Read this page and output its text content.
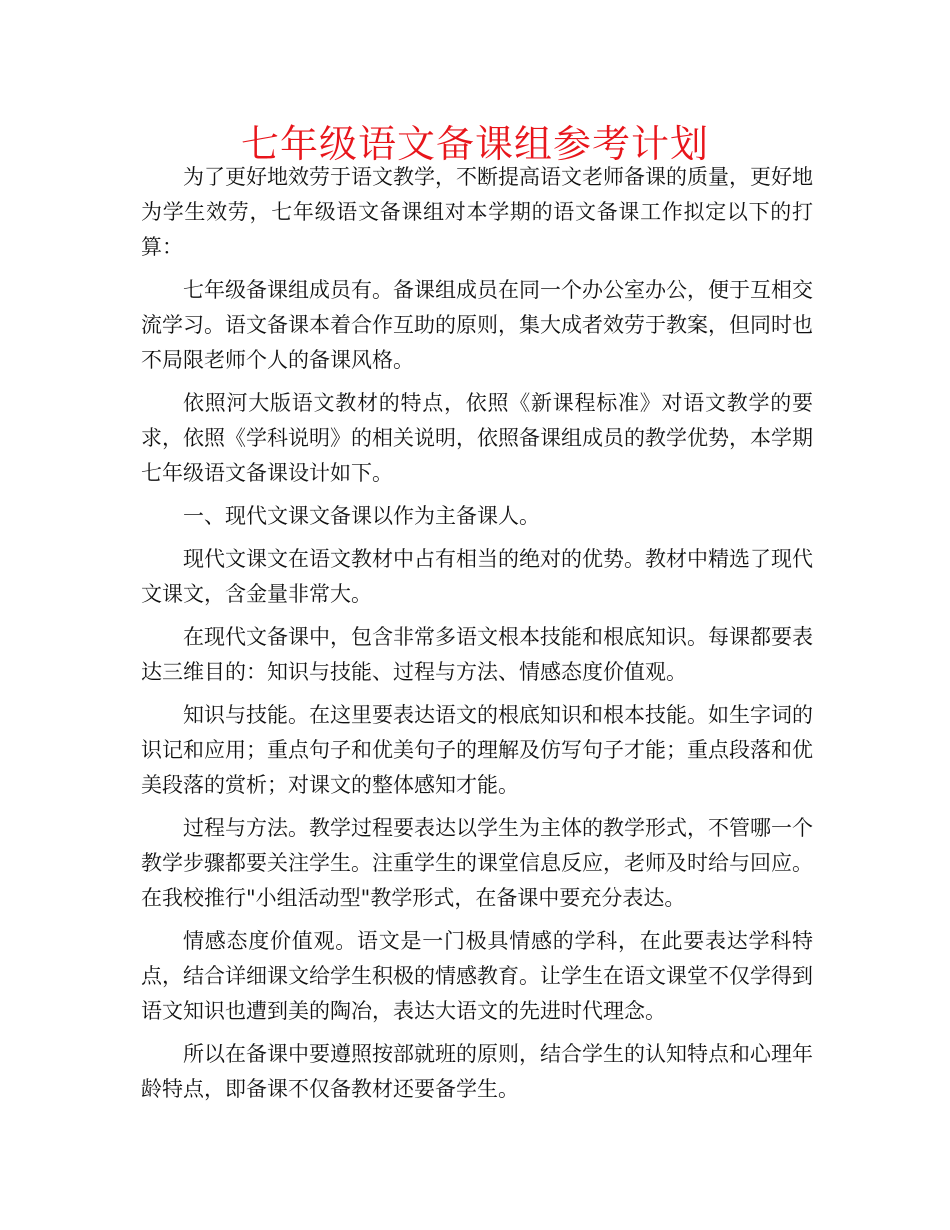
七年级语文备课组参考计划

为了更好地效劳于语文教学，不断提高语文老师备课的质量，更好地为学生效劳，七年级语文备课组对本学期的语文备课工作拟定以下的打算：

七年级备课组成员有。备课组成员在同一个办公室办公，便于互相交流学习。语文备课本着合作互助的原则，集大成者效劳于教案，但同时也不局限老师个人的备课风格。

依照河大版语文教材的特点，依照《新课程标准》对语文教学的要求，依照《学科说明》的相关说明，依照备课组成员的教学优势，本学期七年级语文备课设计如下。

一、现代文课文备课以作为主备课人。

现代文课文在语文教材中占有相当的绝对的优势。教材中精选了现代文课文，含金量非常大。

在现代文备课中，包含非常多语文根本技能和根底知识。每课都要表达三维目的：知识与技能、过程与方法、情感态度价值观。

知识与技能。在这里要表达语文的根底知识和根本技能。如生字词的识记和应用；重点句子和优美句子的理解及仿写句子才能；重点段落和优美段落的赏析；对课文的整体感知才能。

过程与方法。教学过程要表达以学生为主体的教学形式，不管哪一个教学步骤都要关注学生。注重学生的课堂信息反应，老师及时给与回应。在我校推行"小组活动型"教学形式，在备课中要充分表达。

情感态度价值观。语文是一门极具情感的学科，在此要表达学科特点，结合详细课文给学生积极的情感教育。让学生在语文课堂不仅学得到语文知识也遭到美的陶冶，表达大语文的先进时代理念。

所以在备课中要遵照按部就班的原则，结合学生的认知特点和心理年龄特点，即备课不仅备教材还要备学生。
